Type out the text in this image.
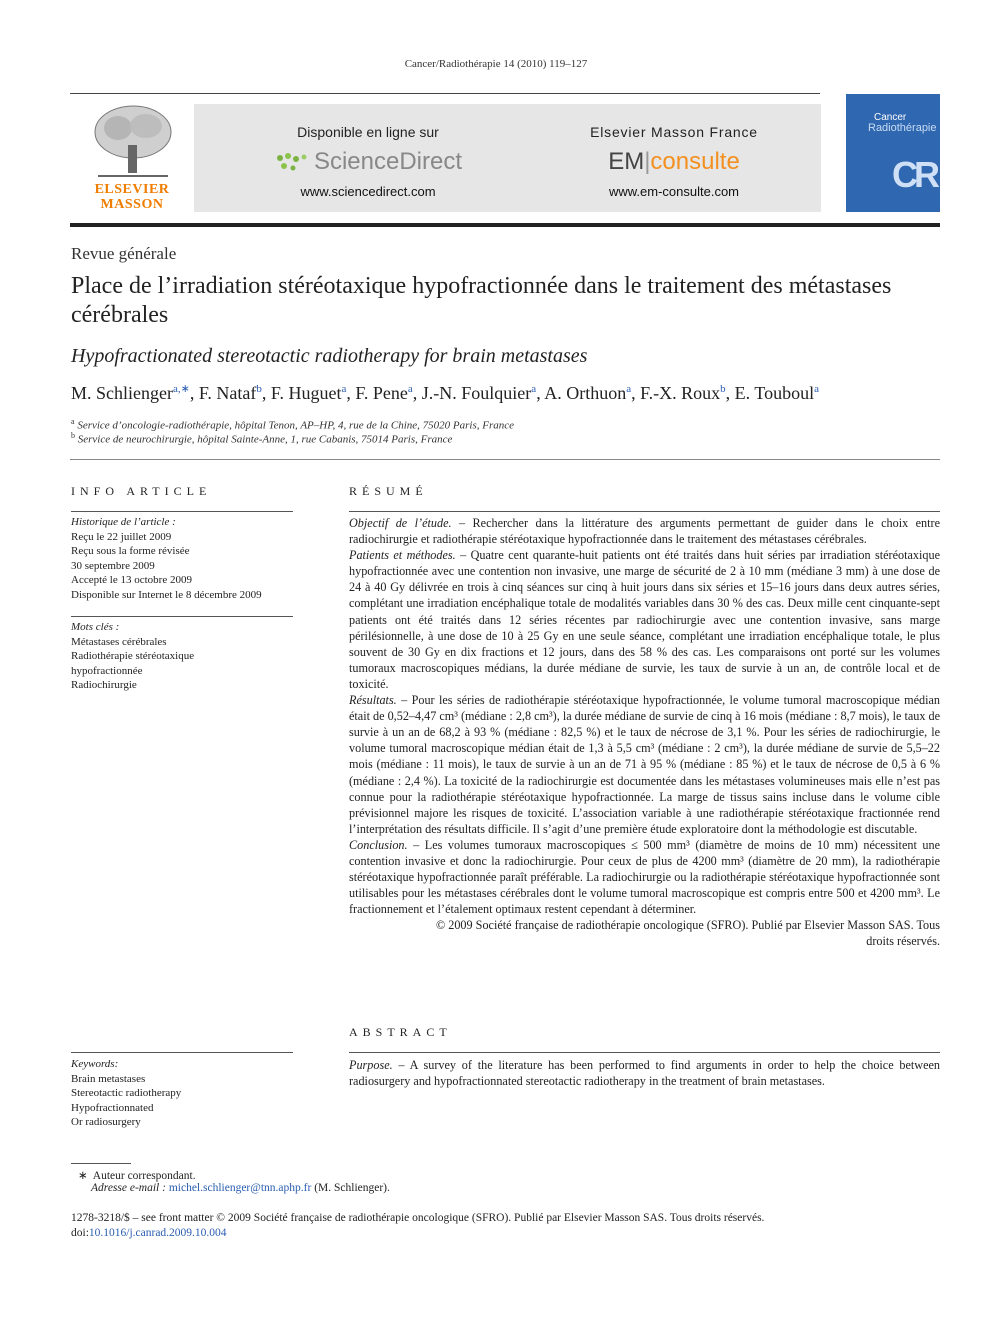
Cancer/Radiothérapie 14 (2010) 119–127
ELSEVIER
MASSON
Disponible en ligne sur
ScienceDirect
www.sciencedirect.com
Elsevier Masson France
EM|consulte
www.em-consulte.com
Cancer
Radiothérapie
CR
Revue générale
Place de l’irradiation stéréotaxique hypofractionnée dans le traitement des métastases cérébrales
Hypofractionated stereotactic radiotherapy for brain metastases
M. Schlienger$^{a,∗}$, F. Nataf$^b$, F. Huguet$^a$, F. Pene$^a$, J.-N. Foulquier$^a$, A. Orthuon$^a$, F.-X. Roux$^b$, E. Touboul$^a$
$^a$ Service d’oncologie-radiothérapie, hôpital Tenon, AP–HP, 4, rue de la Chine, 75020 Paris, France
$^b$ Service de neurochirurgie, hôpital Sainte-Anne, 1, rue Cabanis, 75014 Paris, France
INFO ARTICLE
Historique de l’article :
Reçu le 22 juillet 2009
Reçu sous la forme révisée
30 septembre 2009
Accepté le 13 octobre 2009
Disponible sur Internet le 8 décembre 2009
Mots clés :
Métastases cérébrales
Radiothérapie stéréotaxique
hypofractionnée
Radiochirurgie
RÉSUMÉ

Objectif de l’étude. – Rechercher dans la littérature des arguments permettant de guider dans le choix entre radiochirurgie et radiothérapie stéréotaxique hypofractionnée dans le traitement des métastases cérébrales.

Patients et méthodes. – Quatre cent quarante-huit patients ont été traités dans huit séries par irradiation stéréotaxique hypofractionnée avec une contention non invasive, une marge de sécurité de 2 à 10 mm (médiane 3 mm) à une dose de 24 à 40 Gy délivrée en trois à cinq séances sur cinq à huit jours dans six séries et 15–16 jours dans deux autres séries, complétant une irradiation encéphalique totale de modalités variables dans 30 % des cas. Deux mille cent cinquante-sept patients ont été traités dans 12 séries récentes par radiochirurgie avec une contention invasive, sans marge périlésionnelle, à une dose de 10 à 25 Gy en une seule séance, complétant une irradiation encéphalique totale, le plus souvent de 30 Gy en dix fractions et 12 jours, dans des 58 % des cas. Les comparaisons ont porté sur les volumes tumoraux macroscopiques médians, la durée médiane de survie, les taux de survie à un an, de contrôle local et de toxicité.

Résultats. – Pour les séries de radiothérapie stéréotaxique hypofractionnée, le volume tumoral macroscopique médian était de 0,52–4,47 cm³ (médiane : 2,8 cm³), la durée médiane de survie de cinq à 16 mois (médiane : 8,7 mois), le taux de survie à un an de 68,2 à 93 % (médiane : 82,5 %) et le taux de nécrose de 3,1 %. Pour les séries de radiochirurgie, le volume tumoral macroscopique médian était de 1,3 à 5,5 cm³ (médiane : 2 cm³), la durée médiane de survie de 5,5–22 mois (médiane : 11 mois), le taux de survie à un an de 71 à 95 % (médiane : 85 %) et le taux de nécrose de 0,5 à 6 % (médiane : 2,4 %). La toxicité de la radiochirurgie est documentée dans les métastases volumineuses mais elle n’est pas connue pour la radiothérapie stéréotaxique hypofractionnée. La marge de tissus sains incluse dans le volume cible prévisionnel majore les risques de toxicité. L’association variable à une radiothérapie stéréotaxique fractionnée rend l’interprétation des résultats difficile. Il s’agit d’une première étude exploratoire dont la méthodologie est discutable.

Conclusion. – Les volumes tumoraux macroscopiques ≤ 500 mm³ (diamètre de moins de 10 mm) nécessitent une contention invasive et donc la radiochirurgie. Pour ceux de plus de 4200 mm³ (diamètre de 20 mm), la radiothérapie stéréotaxique hypofractionnée paraît préférable. La radiochirurgie ou la radiothérapie stéréotaxique hypofractionnée sont utilisables pour les métastases cérébrales dont le volume tumoral macroscopique est compris entre 500 et 4200 mm³. Le fractionnement et l’étalement optimaux restent cependant à déterminer.

© 2009 Société française de radiothérapie oncologique (SFRO). Publié par Elsevier Masson SAS. Tous
droits réservés.

ABSTRACT

Purpose. – A survey of the literature has been performed to find arguments in order to help the choice between radiosurgery and hypofractionnated stereotactic radiotherapy in the treatment of brain metastases.

Keywords:
Brain metastases
Stereotactic radiotherapy
Hypofractionnated
Or radiosurgery
∗ Auteur correspondant.
Adresse e-mail : michel.schlienger@tnn.aphp.fr (M. Schlienger).
1278-3218/$ – see front matter © 2009 Société française de radiothérapie oncologique (SFRO). Publié par Elsevier Masson SAS. Tous droits réservés.
doi:10.1016/j.canrad.2009.10.004
